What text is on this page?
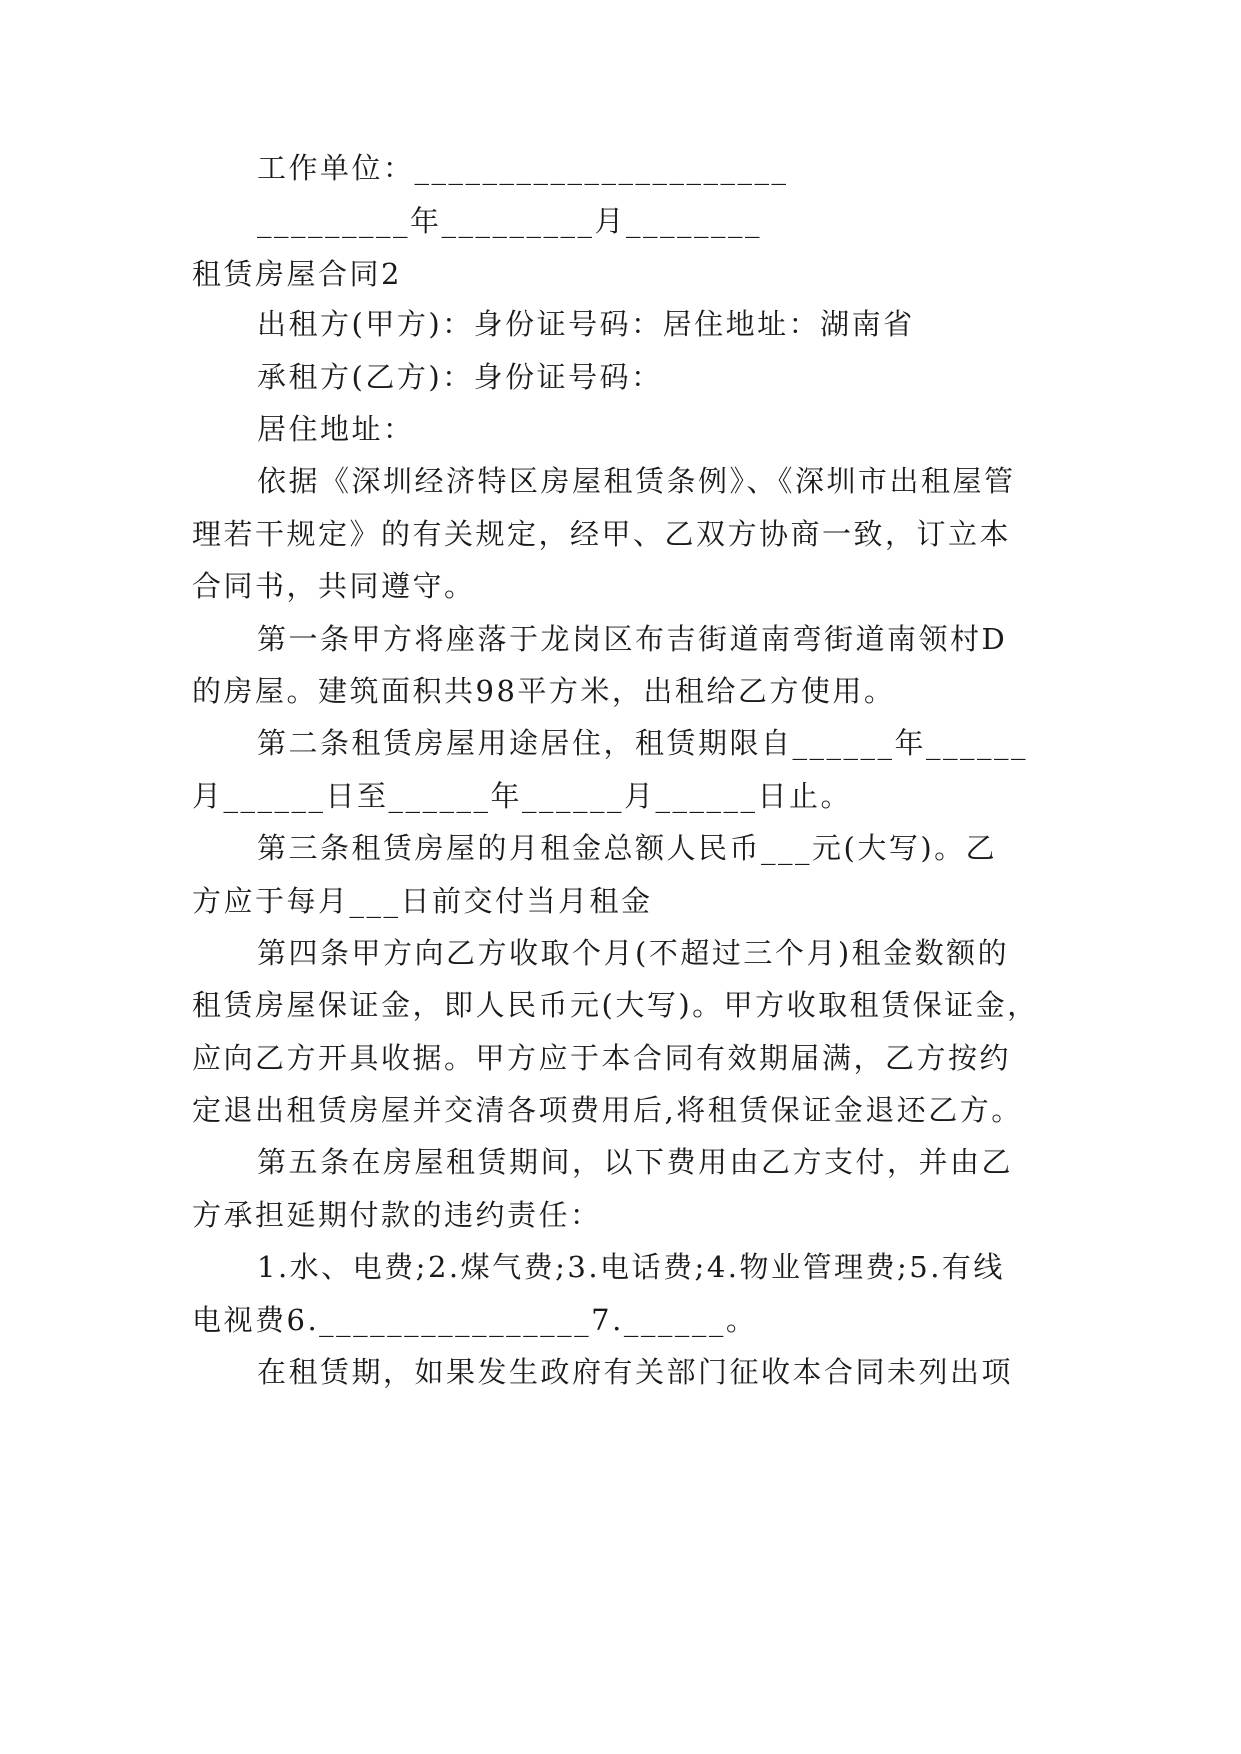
工作单位：______________________
_________年_________月________
租赁房屋合同2
出租方(甲方)：身份证号码：居住地址：湖南省
承租方(乙方)：身份证号码：
居住地址：
依据《深圳经济特区房屋租赁条例》、《深圳市出租屋管
理若干规定》的有关规定，经甲、乙双方协商一致，订立本
合同书，共同遵守。
第一条甲方将座落于龙岗区布吉街道南弯街道南领村D
的房屋。建筑面积共98平方米，出租给乙方使用。
第二条租赁房屋用途居住，租赁期限自______年______
月______日至______年______月______日止。
第三条租赁房屋的月租金总额人民币___元(大写)。乙
方应于每月___日前交付当月租金
第四条甲方向乙方收取个月(不超过三个月)租金数额的
租赁房屋保证金，即人民币元(大写)。甲方收取租赁保证金，
应向乙方开具收据。甲方应于本合同有效期届满，乙方按约
定退出租赁房屋并交清各项费用后,将租赁保证金退还乙方。
第五条在房屋租赁期间，以下费用由乙方支付，并由乙
方承担延期付款的违约责任：
1.水、电费;2.煤气费;3.电话费;4.物业管理费;5.有线
电视费6.________________7.______。
在租赁期，如果发生政府有关部门征收本合同未列出项
